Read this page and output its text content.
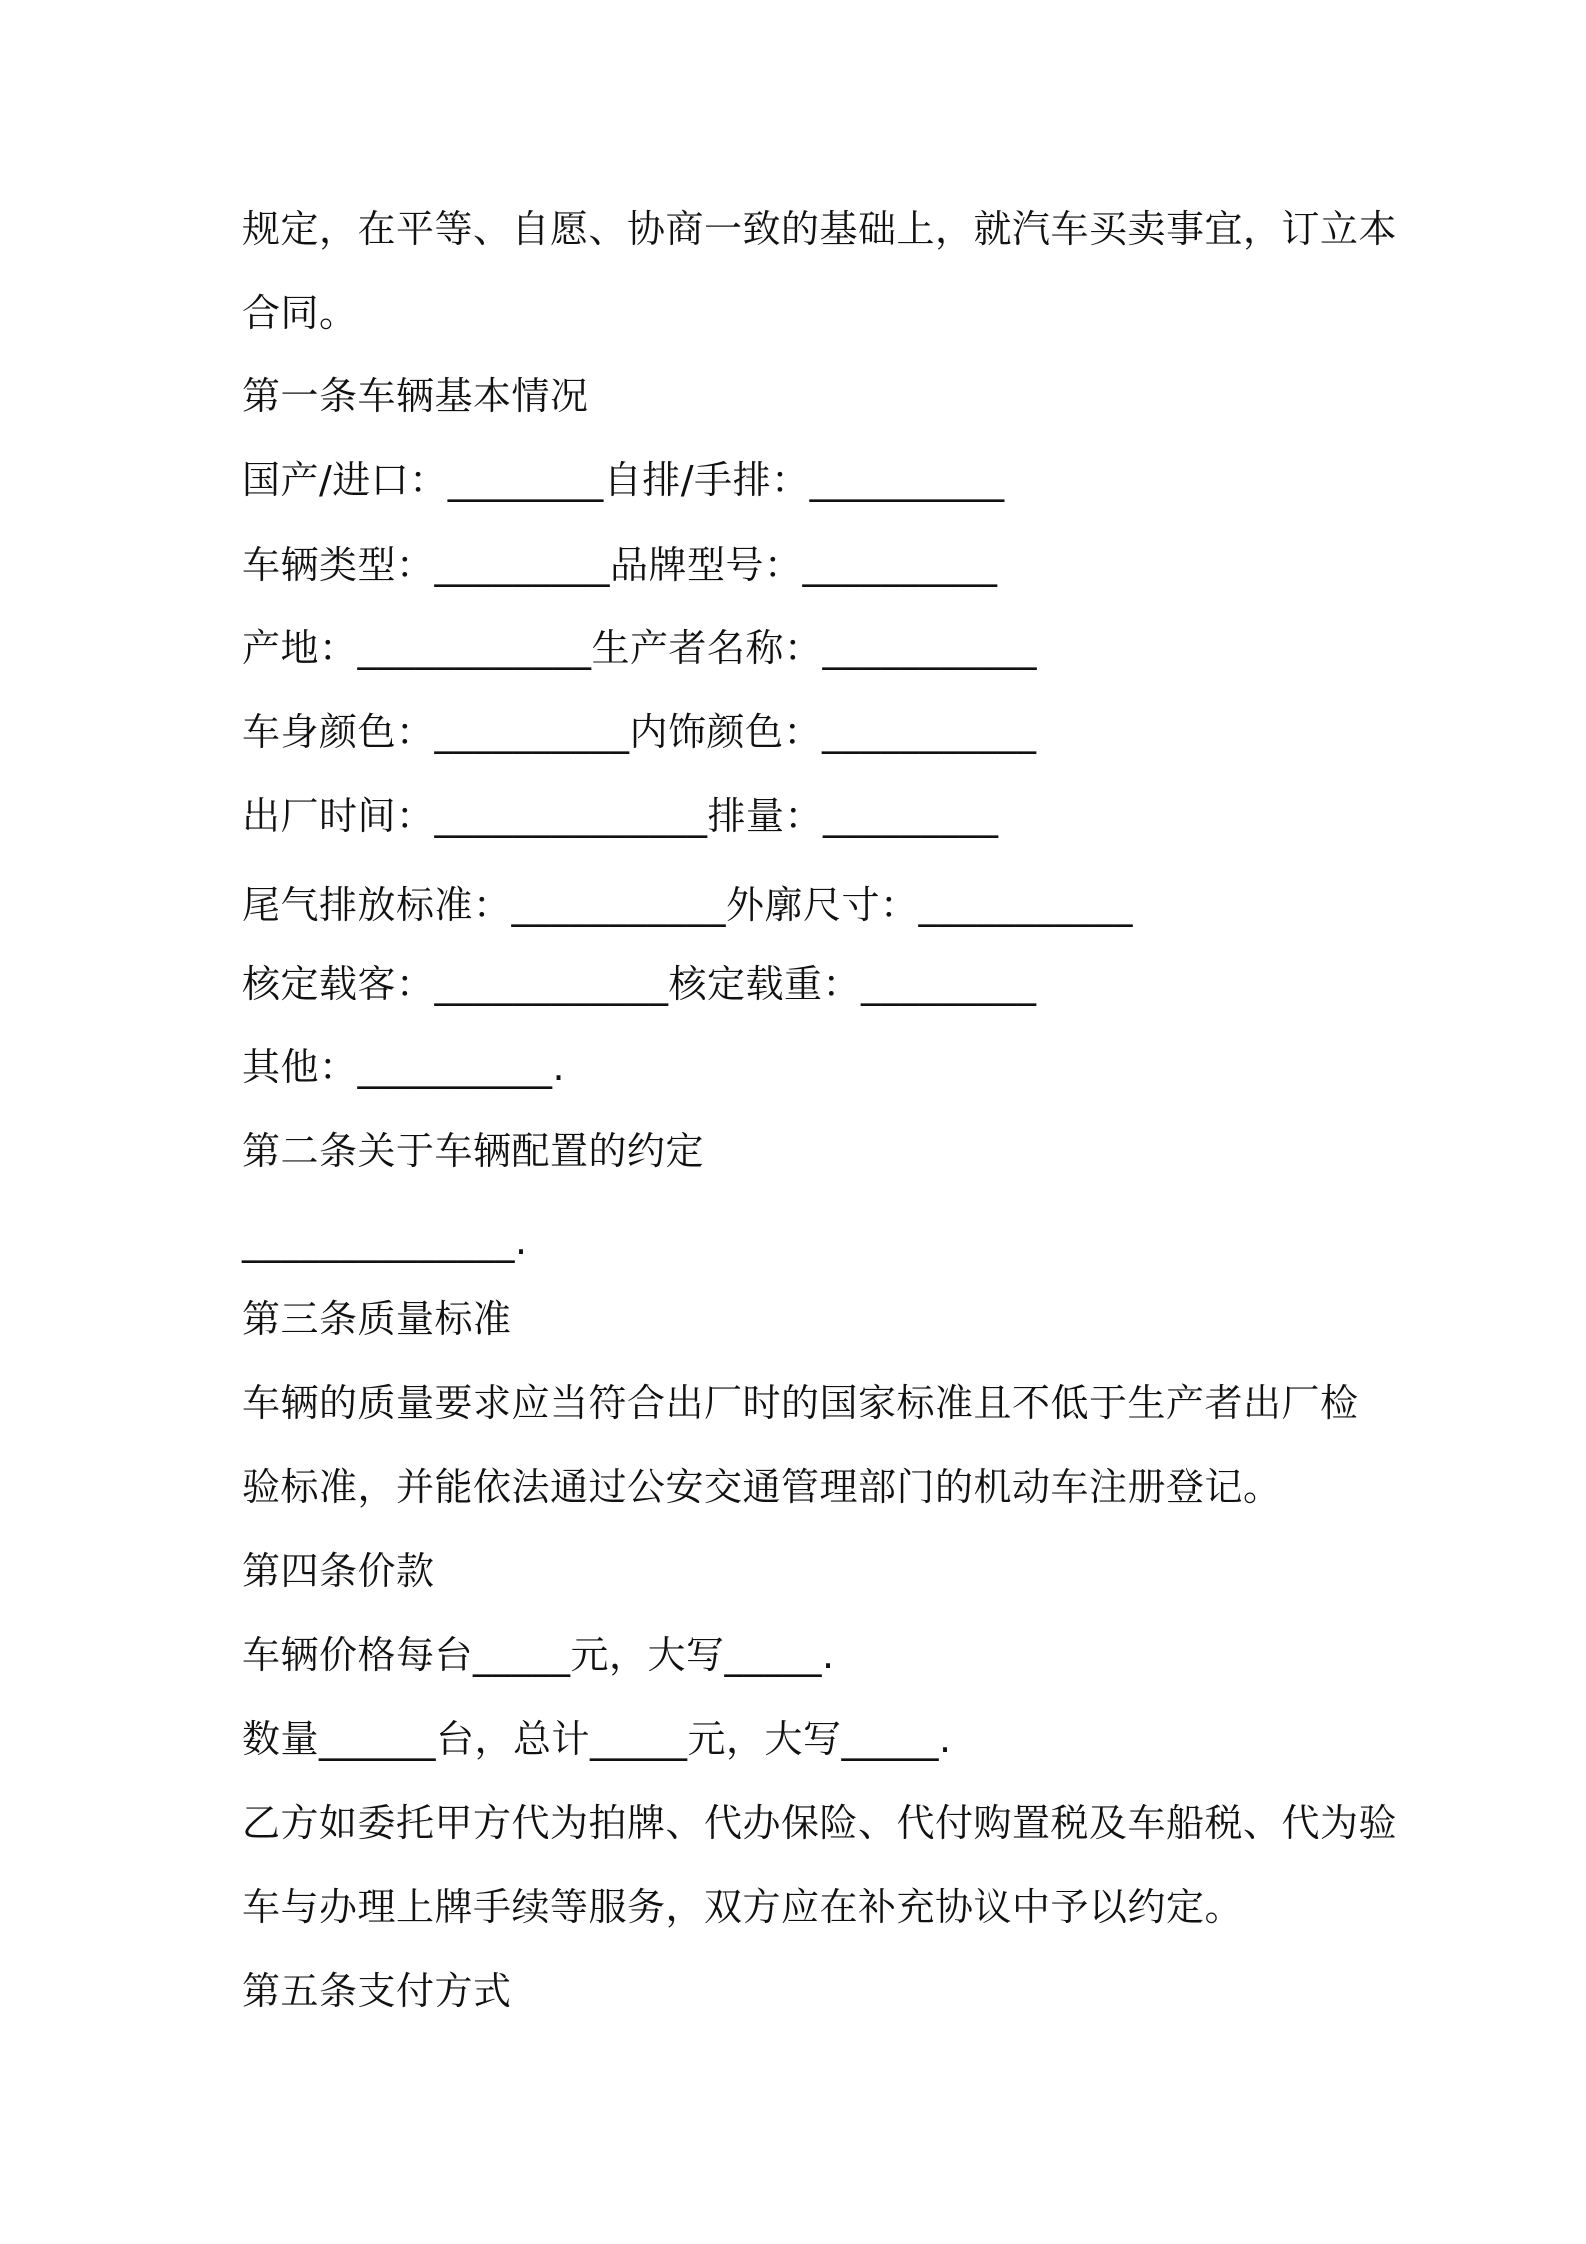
规定，在平等、自愿、协商一致的基础上，就汽车买卖事宜，订立本
合同。
第一条车辆基本情况
国产/进口：________自排/手排：__________
车辆类型：_________品牌型号：__________
产地：____________生产者名称：___________
车身颜色：__________内饰颜色：___________
出厂时间：______________排量：_________
尾气排放标准：___________外廓尺寸：___________
核定载客：____________核定载重：_________
其他：__________.
第二条关于车辆配置的约定
______________.
第三条质量标准
车辆的质量要求应当符合出厂时的国家标准且不低于生产者出厂检
验标准，并能依法通过公安交通管理部门的机动车注册登记。
第四条价款
车辆价格每台_____元，大写_____.
数量______台，总计_____元，大写_____.
乙方如委托甲方代为拍牌、代办保险、代付购置税及车船税、代为验
车与办理上牌手续等服务，双方应在补充协议中予以约定。
第五条支付方式
